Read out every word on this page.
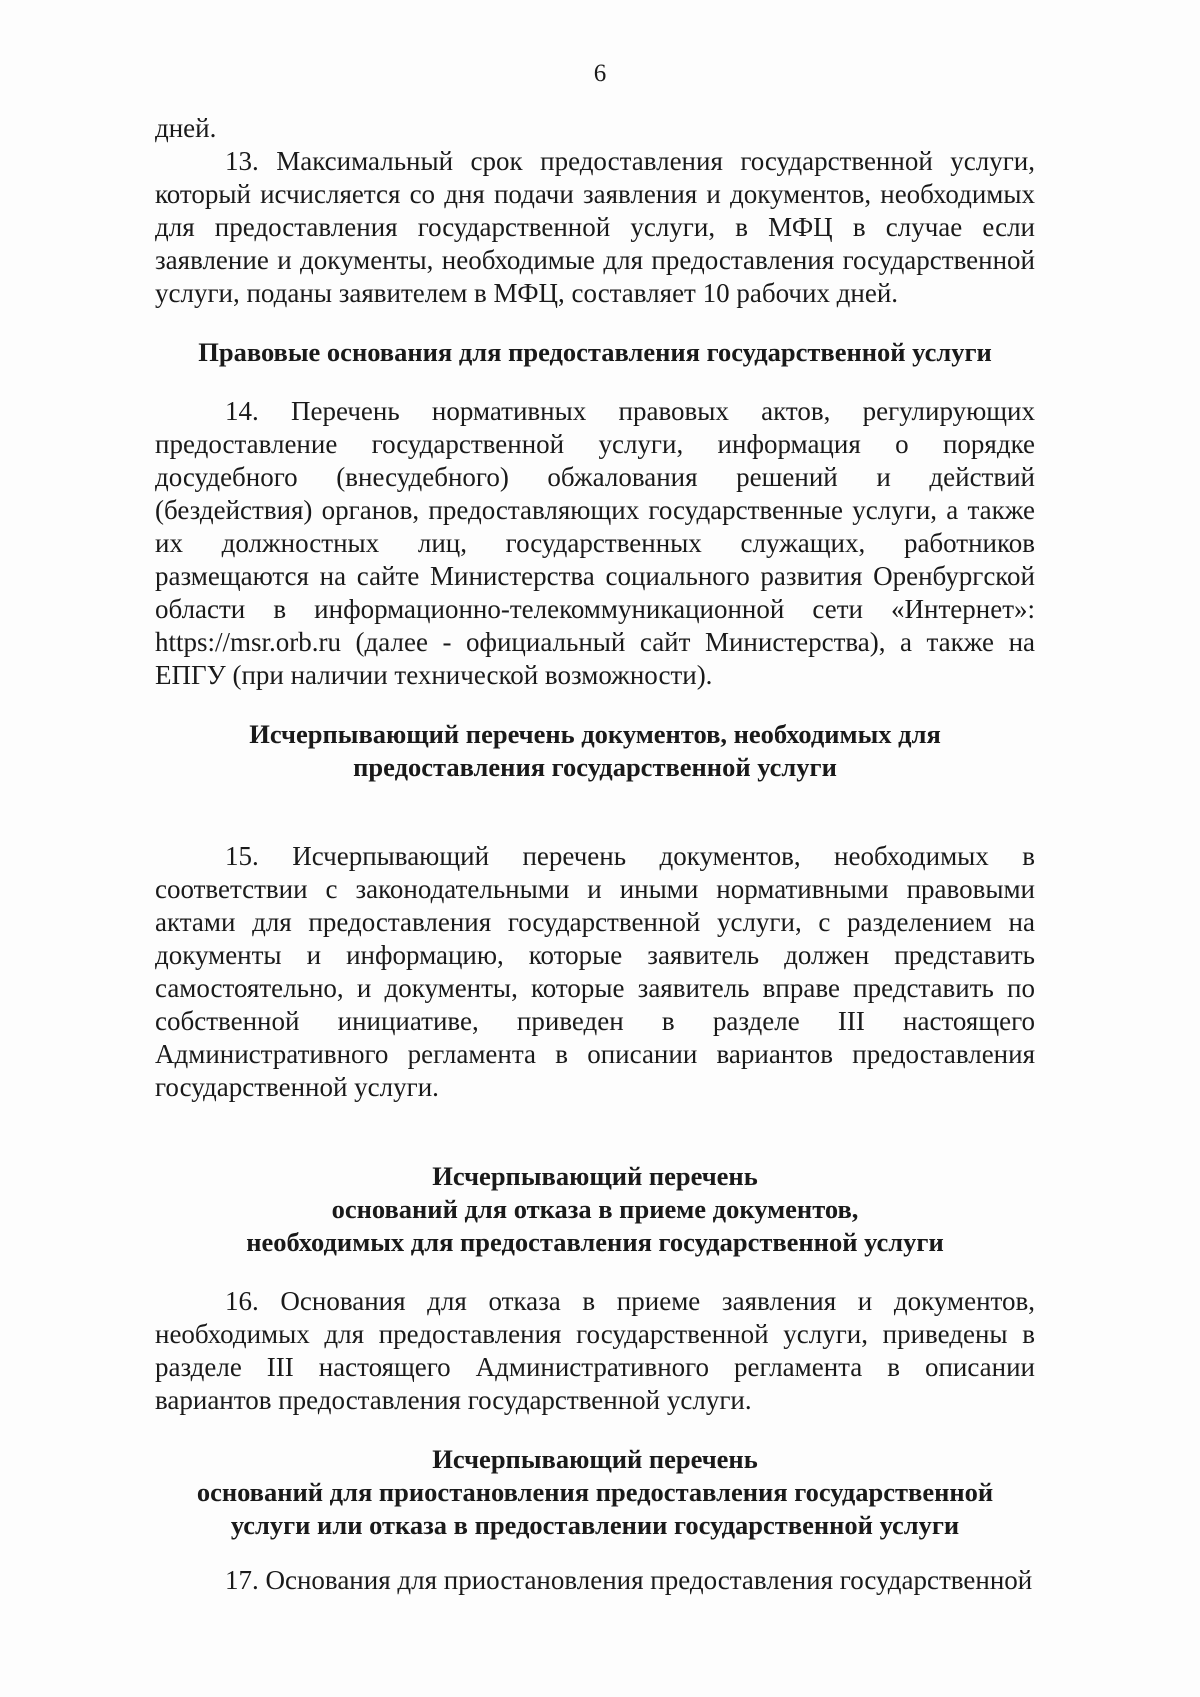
6

дней.

13. Максимальный срок предоставления государственной услуги, который исчисляется со дня подачи заявления и документов, необходимых для предоставления государственной услуги, в МФЦ в случае если заявление и документы, необходимые для предоставления государственной услуги, поданы заявителем в МФЦ, составляет 10 рабочих дней.

Правовые основания для предоставления государственной услуги

14. Перечень нормативных правовых актов, регулирующих предоставление государственной услуги, информация о порядке досудебного (внесудебного) обжалования решений и действий (бездействия) органов, предоставляющих государственные услуги, а также их должностных лиц, государственных служащих, работников размещаются на сайте Министерства социального развития Оренбургской области в информационно-телекоммуникационной сети «Интернет»: https://msr.orb.ru (далее - официальный сайт Министерства), а также на ЕПГУ (при наличии технической возможности).

Исчерпывающий перечень документов, необходимых для
предоставления государственной услуги

15. Исчерпывающий перечень документов, необходимых в соответствии с законодательными и иными нормативными правовыми актами для предоставления государственной услуги, с разделением на документы и информацию, которые заявитель должен представить самостоятельно, и документы, которые заявитель вправе представить по собственной инициативе, приведен в разделе III настоящего Административного регламента в описании вариантов предоставления государственной услуги.

Исчерпывающий перечень
оснований для отказа в приеме документов,
необходимых для предоставления государственной услуги

16. Основания для отказа в приеме заявления и документов, необходимых для предоставления государственной услуги, приведены в разделе III настоящего Административного регламента в описании вариантов предоставления государственной услуги.

Исчерпывающий перечень
оснований для приостановления предоставления государственной
услуги или отказа в предоставлении государственной услуги

17. Основания для приостановления предоставления государственной
